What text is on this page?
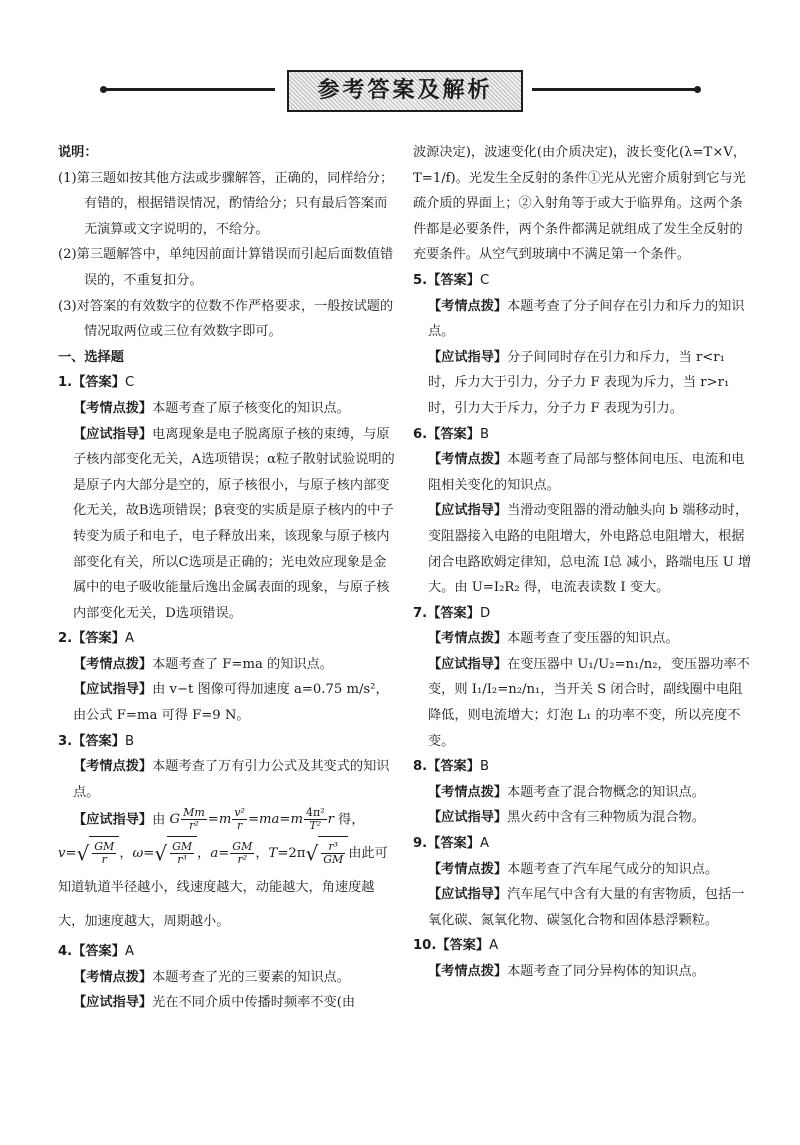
参考答案及解析

说明：

(1)第三题如按其他方法或步骤解答，正确的，同样给分；有错的，根据错误情况，酌情给分；只有最后答案而无演算或文字说明的，不给分。

(2)第三题解答中，单纯因前面计算错误而引起后面数值错误的，不重复扣分。

(3)对答案的有效数字的位数不作严格要求，一般按试题的情况取两位或三位有效数字即可。

一、选择题

1.【答案】C

【考情点拨】本题考查了原子核变化的知识点。

【应试指导】电离现象是电子脱离原子核的束缚，与原子核内部变化无关，A选项错误；α粒子散射试验说明的是原子内大部分是空的，原子核很小，与原子核内部变化无关，故B选项错误；β衰变的实质是原子核内的中子转变为质子和电子，电子释放出来，该现象与原子核内部变化有关，所以C选项是正确的；光电效应现象是金属中的电子吸收能量后逸出金属表面的现象，与原子核内部变化无关，D选项错误。

2.【答案】A

【考情点拨】本题考查了 F=ma 的知识点。

【应试指导】由 v−t 图像可得加速度 a=0.75 m/s²，由公式 F=ma 可得 F=9 N。

3.【答案】B

【考情点拨】本题考查了万有引力公式及其变式的知识点。

【应试指导】由 G $\frac{Mm}{\text{r²}} =m \frac{\text{v²}}{r} =ma=m \frac{\text{4π²}}{\text{T²}}$ r 得，

$v=√ \frac{GM}{r}$ ，$\omega=√ \frac{GM}{\text{r³}}$ ，$a= \frac{GM}{\text{r²}}$ ，$T=2\pi√ \frac{\text{r³}}{GM}$ 由此可知道轨道半径越小，线速度越大，动能越大，角速度越大，加速度越大，周期越小。

4.【答案】A

【考情点拨】本题考查了光的三要素的知识点。

【应试指导】光在不同介质中传播时频率不变(由

波源决定)，波速变化(由介质决定)，波长变化(λ=T×V，T=1/f)。光发生全反射的条件①光从光密介质射到它与光疏介质的界面上；②入射角等于或大于临界角。这两个条件都是必要条件，两个条件都满足就组成了发生全反射的充要条件。从空气到玻璃中不满足第一个条件。

5.【答案】C

【考情点拨】本题考查了分子间存在引力和斥力的知识点。

【应试指导】分子间同时存在引力和斥力，当 r<r₁ 时，斥力大于引力，分子力 F 表现为斥力，当 r>r₁ 时，引力大于斥力，分子力 F 表现为引力。

6.【答案】B

【考情点拨】本题考查了局部与整体间电压、电流和电阻相关变化的知识点。

【应试指导】当滑动变阻器的滑动触头向 b 端移动时，变阻器接入电路的电阻增大，外电路总电阻增大，根据闭合电路欧姆定律知，总电流 I总 减小，路端电压 U 增大。由 U=I₂R₂ 得，电流表读数 I 变大。

7.【答案】D

【考情点拨】本题考查了变压器的知识点。

【应试指导】在变压器中 U₁/U₂=n₁/n₂，变压器功率不变，则 I₁/I₂=n₂/n₁，当开关 S 闭合时，副线圈中电阻降低，则电流增大；灯泡 L₁ 的功率不变，所以亮度不变。

8.【答案】B

【考情点拨】本题考查了混合物概念的知识点。

【应试指导】黑火药中含有三种物质为混合物。

9.【答案】A

【考情点拨】本题考查了汽车尾气成分的知识点。

【应试指导】汽车尾气中含有大量的有害物质，包括一氧化碳、氮氧化物、碳氢化合物和固体悬浮颗粒。

10.【答案】A

【考情点拨】本题考查了同分异构体的知识点。
